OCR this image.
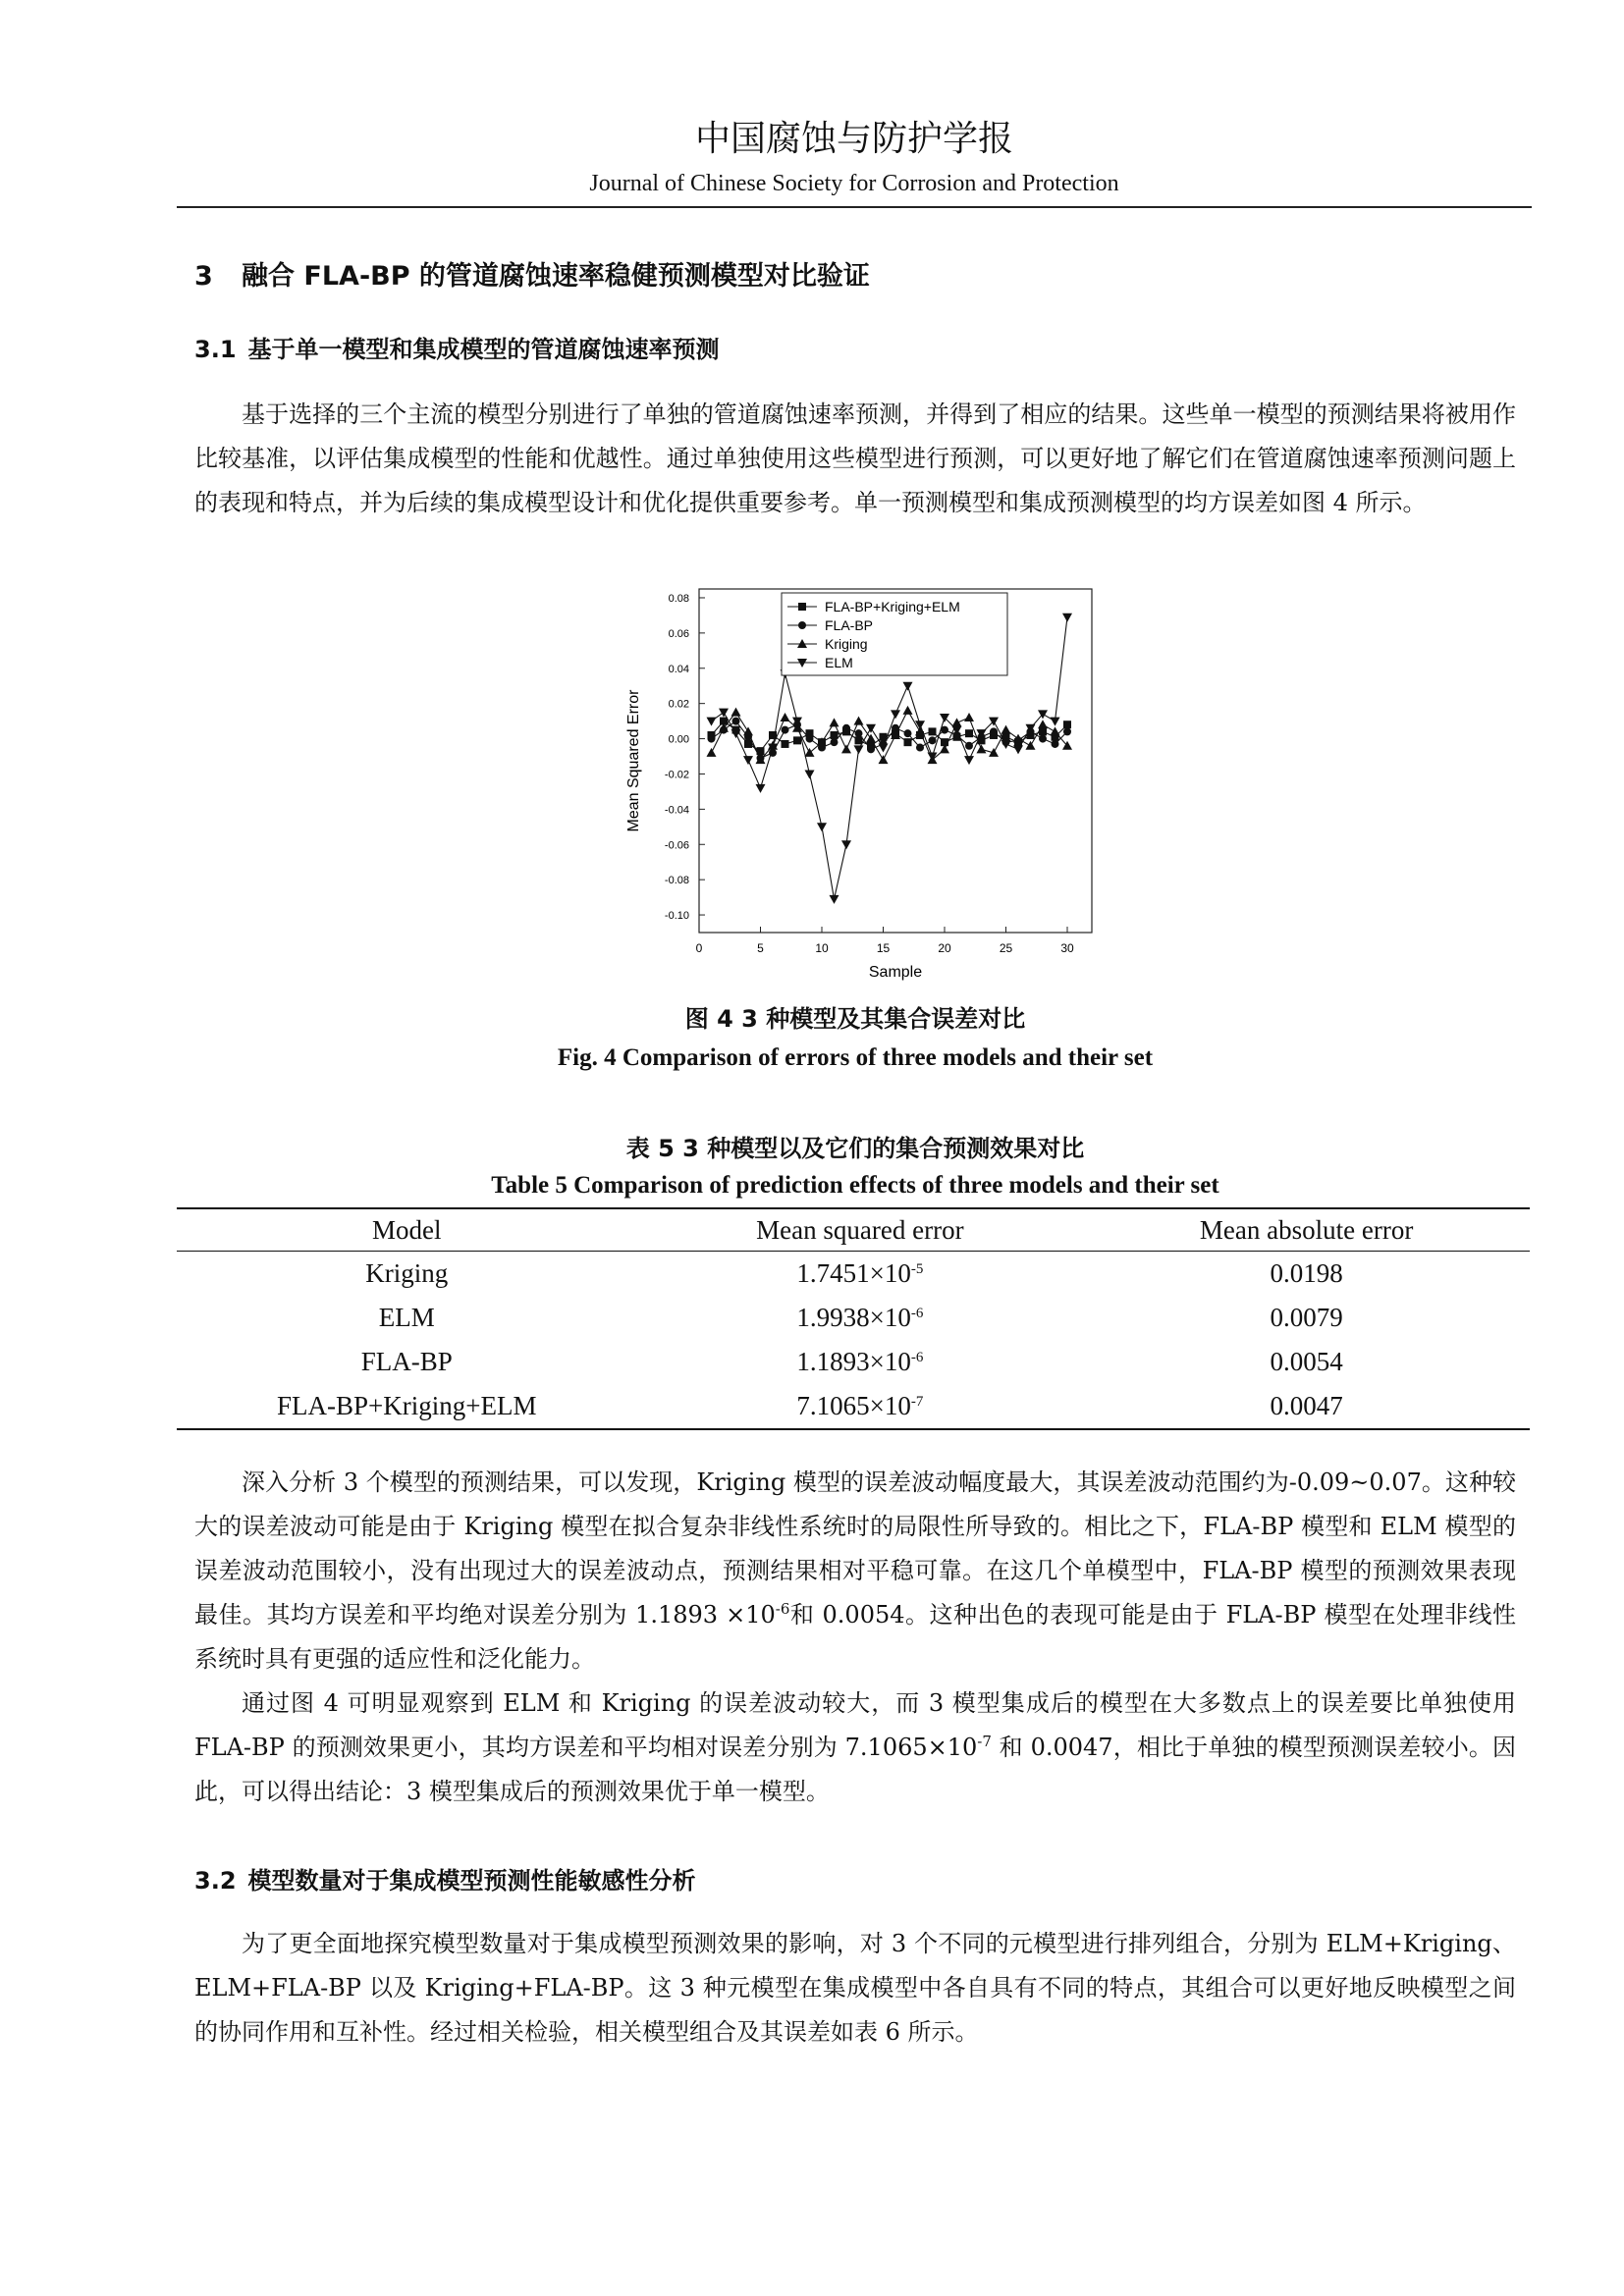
中国腐蚀与防护学报
Journal of Chinese Society for Corrosion and Protection
3 融合 FLA-BP 的管道腐蚀速率稳健预测模型对比验证
3.1 基于单一模型和集成模型的管道腐蚀速率预测

基于选择的三个主流的模型分别进行了单独的管道腐蚀速率预测，并得到了相应的结果。这些单一模型的预测结果将被用作比较基准，以评估集成模型的性能和优越性。通过单独使用这些模型进行预测，可以更好地了解它们在管道腐蚀速率预测问题上的表现和特点，并为后续的集成模型设计和优化提供重要参考。单一预测模型和集成预测模型的均方误差如图 4 所示。

-0.10
-0.08
-0.06
-0.04
-0.02
0.00
0.02
0.04
0.06
0.08
0	5	10	15	20	25	30
FLA-BP+Kriging+ELM
FLA-BP
Kriging
ELM
Sample
Mean Squared Error
图 4 3 种模型及其集合误差对比
Fig. 4 Comparison of errors of three models and their set
表 5 3 种模型以及它们的集合预测效果对比
Table 5 Comparison of prediction effects of three models and their set
Model	Mean squared error	Mean absolute error
Kriging	$1.7451\times 10^{-5}$	0.0198
ELM	$1.9938\times 10^{-6}$	0.0079
FLA-BP	$1.1893\times 10^{-6}$	0.0054
FLA-BP+Kriging+ELM	$7.1065\times 10^{-7}$	0.0047

深入分析 3 个模型的预测结果，可以发现，Kriging 模型的误差波动幅度最大，其误差波动范围约为-0.09~0.07。这种较大的误差波动可能是由于 Kriging 模型在拟合复杂非线性系统时的局限性所导致的。相比之下，FLA-BP 模型和 ELM 模型的误差波动范围较小，没有出现过大的误差波动点，预测结果相对平稳可靠。在这几个单模型中，FLA-BP 模型的预测效果表现最佳。其均方误差和平均绝对误差分别为 $1.1893 \times 10^{-6}$和 0.0054。这种出色的表现可能是由于 FLA-BP 模型在处理非线性系统时具有更强的适应性和泛化能力。

通过图 4 可明显观察到 ELM 和 Kriging 的误差波动较大，而 3 模型集成后的模型在大多数点上的误差要比单独使用 FLA-BP 的预测效果更小，其均方误差和平均相对误差分别为 $7.1065\times 10^{-7}$ 和 0.0047，相比于单独的模型预测误差较小。因此，可以得出结论：3 模型集成后的预测效果优于单一模型。

3.2 模型数量对于集成模型预测性能敏感性分析

为了更全面地探究模型数量对于集成模型预测效果的影响，对 3 个不同的元模型进行排列组合，分别为 ELM+Kriging、ELM+FLA-BP 以及 Kriging+FLA-BP。这 3 种元模型在集成模型中各自具有不同的特点，其组合可以更好地反映模型之间的协同作用和互补性。经过相关检验，相关模型组合及其误差如表 6 所示。
